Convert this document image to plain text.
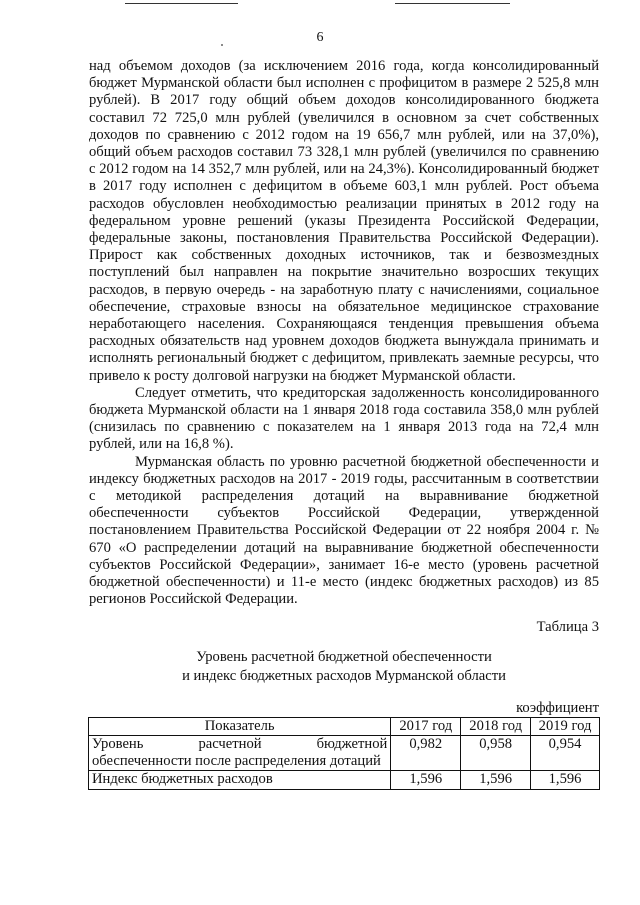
6

над объемом доходов (за исключением 2016 года, когда консолидированный бюджет Мурманской области был исполнен с профицитом в размере 2 525,8 млн рублей). В 2017 году общий объем доходов консолидированного бюджета составил 72 725,0 млн рублей (увеличился в основном за счет собственных доходов по сравнению с 2012 годом на 19 656,7 млн рублей, или на 37,0%), общий объем расходов составил 73 328,1 млн рублей (увеличился по сравнению с 2012 годом на 14 352,7 млн рублей, или на 24,3%). Консолидированный бюджет в 2017 году исполнен с дефицитом в объеме 603,1 млн рублей. Рост объема расходов обусловлен необходимостью реализации принятых в 2012 году на федеральном уровне решений (указы Президента Российской Федерации, федеральные законы, постановления Правительства Российской Федерации). Прирост как собственных доходных источников, так и безвозмездных поступлений был направлен на покрытие значительно возросших текущих расходов, в первую очередь - на заработную плату с начислениями, социальное обеспечение, страховые взносы на обязательное медицинское страхование неработающего населения. Сохраняющаяся тенденция превышения объема расходных обязательств над уровнем доходов бюджета вынуждала принимать и исполнять региональный бюджет с дефицитом, привлекать заемные ресурсы, что привело к росту долговой нагрузки на бюджет Мурманской области.

Следует отметить, что кредиторская задолженность консолидированного бюджета Мурманской области на 1 января 2018 года составила 358,0 млн рублей (снизилась по сравнению с показателем на 1 января 2013 года на 72,4 млн рублей, или на 16,8 %).

Мурманская область по уровню расчетной бюджетной обеспеченности и индексу бюджетных расходов на 2017 - 2019 годы, рассчитанным в соответствии с методикой распределения дотаций на выравнивание бюджетной обеспеченности субъектов Российской Федерации, утвержденной постановлением Правительства Российской Федерации от 22 ноября 2004 г. № 670 «О распределении дотаций на выравнивание бюджетной обеспеченности субъектов Российской Федерации», занимает 16-е место (уровень расчетной бюджетной обеспеченности) и 11-е место (индекс бюджетных расходов) из 85 регионов Российской Федерации.

Таблица 3
Уровень расчетной бюджетной обеспеченности
и индекс бюджетных расходов Мурманской области
коэффициент
Показатель	2017 год	2018 год	2019 год
Уровень расчетной бюджетной обеспеченности после распределения дотаций	0,982	0,958	0,954
Индекс бюджетных расходов	1,596	1,596	1,596
